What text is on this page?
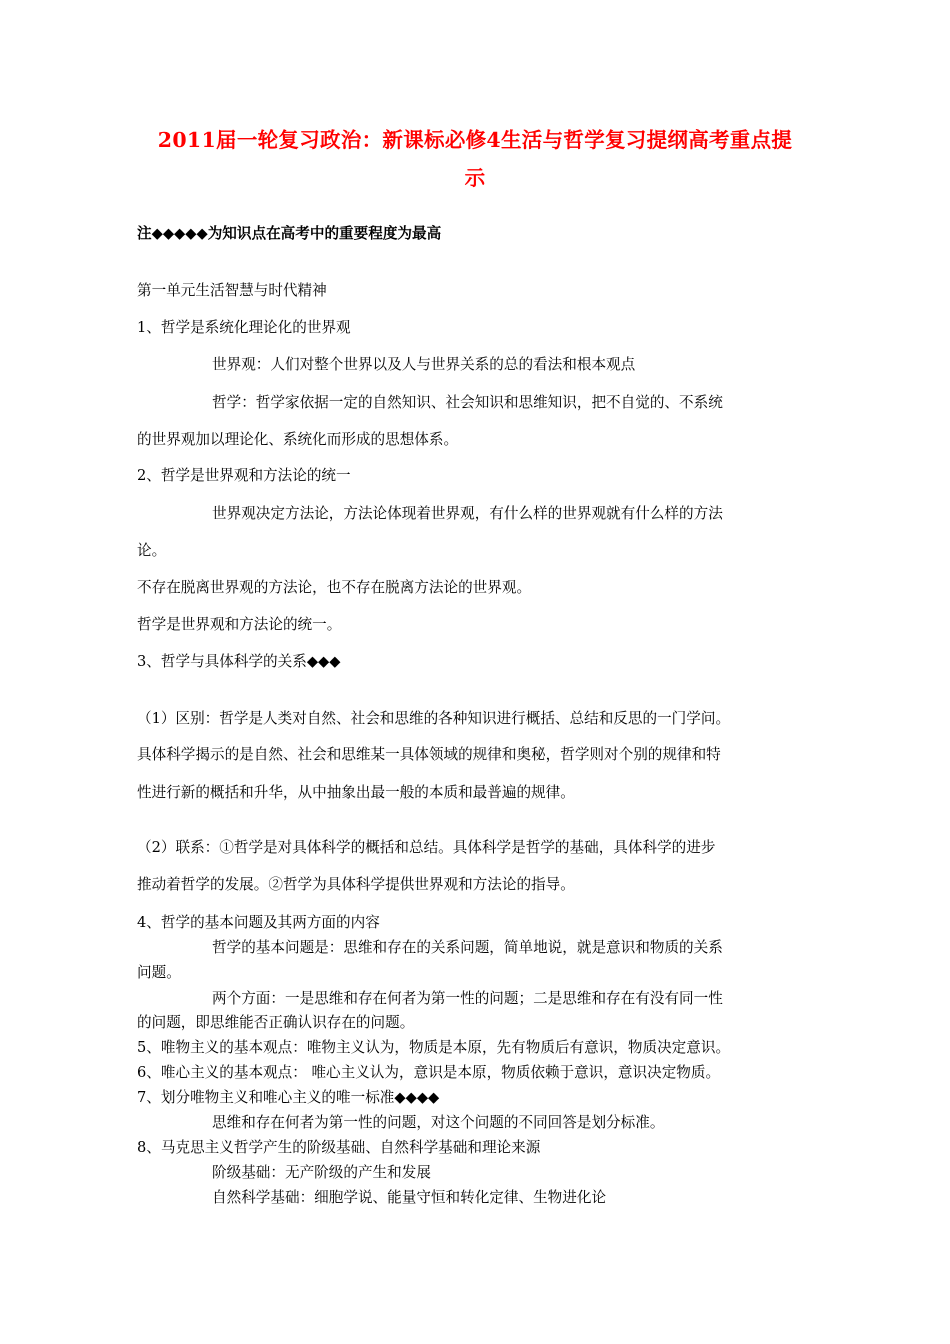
2011届一轮复习政治：新课标必修4生活与哲学复习提纲高考重点提
示
注◆◆◆◆◆为知识点在高考中的重要程度为最高
第一单元生活智慧与时代精神
1、哲学是系统化理论化的世界观
世界观：人们对整个世界以及人与世界关系的总的看法和根本观点
哲学：哲学家依据一定的自然知识、社会知识和思维知识，把不自觉的、不系统
的世界观加以理论化、系统化而形成的思想体系。
2、哲学是世界观和方法论的统一
世界观决定方法论，方法论体现着世界观，有什么样的世界观就有什么样的方法
论。
不存在脱离世界观的方法论，也不存在脱离方法论的世界观。
哲学是世界观和方法论的统一。
3、哲学与具体科学的关系◆◆◆
（1）区别：哲学是人类对自然、社会和思维的各种知识进行概括、总结和反思的一门学问。
具体科学揭示的是自然、社会和思维某一具体领域的规律和奥秘，哲学则对个别的规律和特
性进行新的概括和升华，从中抽象出最一般的本质和最普遍的规律。
（2）联系：①哲学是对具体科学的概括和总结。具体科学是哲学的基础，具体科学的进步
推动着哲学的发展。②哲学为具体科学提供世界观和方法论的指导。
4、哲学的基本问题及其两方面的内容
哲学的基本问题是：思维和存在的关系问题，简单地说，就是意识和物质的关系
问题。
两个方面：一是思维和存在何者为第一性的问题；二是思维和存在有没有同一性
的问题，即思维能否正确认识存在的问题。
5、唯物主义的基本观点：唯物主义认为，物质是本原，先有物质后有意识，物质决定意识。
6、唯心主义的基本观点： 唯心主义认为，意识是本原，物质依赖于意识，意识决定物质。
7、划分唯物主义和唯心主义的唯一标准◆◆◆◆
思维和存在何者为第一性的问题，对这个问题的不同回答是划分标准。
8、马克思主义哲学产生的阶级基础、自然科学基础和理论来源
阶级基础：无产阶级的产生和发展
自然科学基础：细胞学说、能量守恒和转化定律、生物进化论
